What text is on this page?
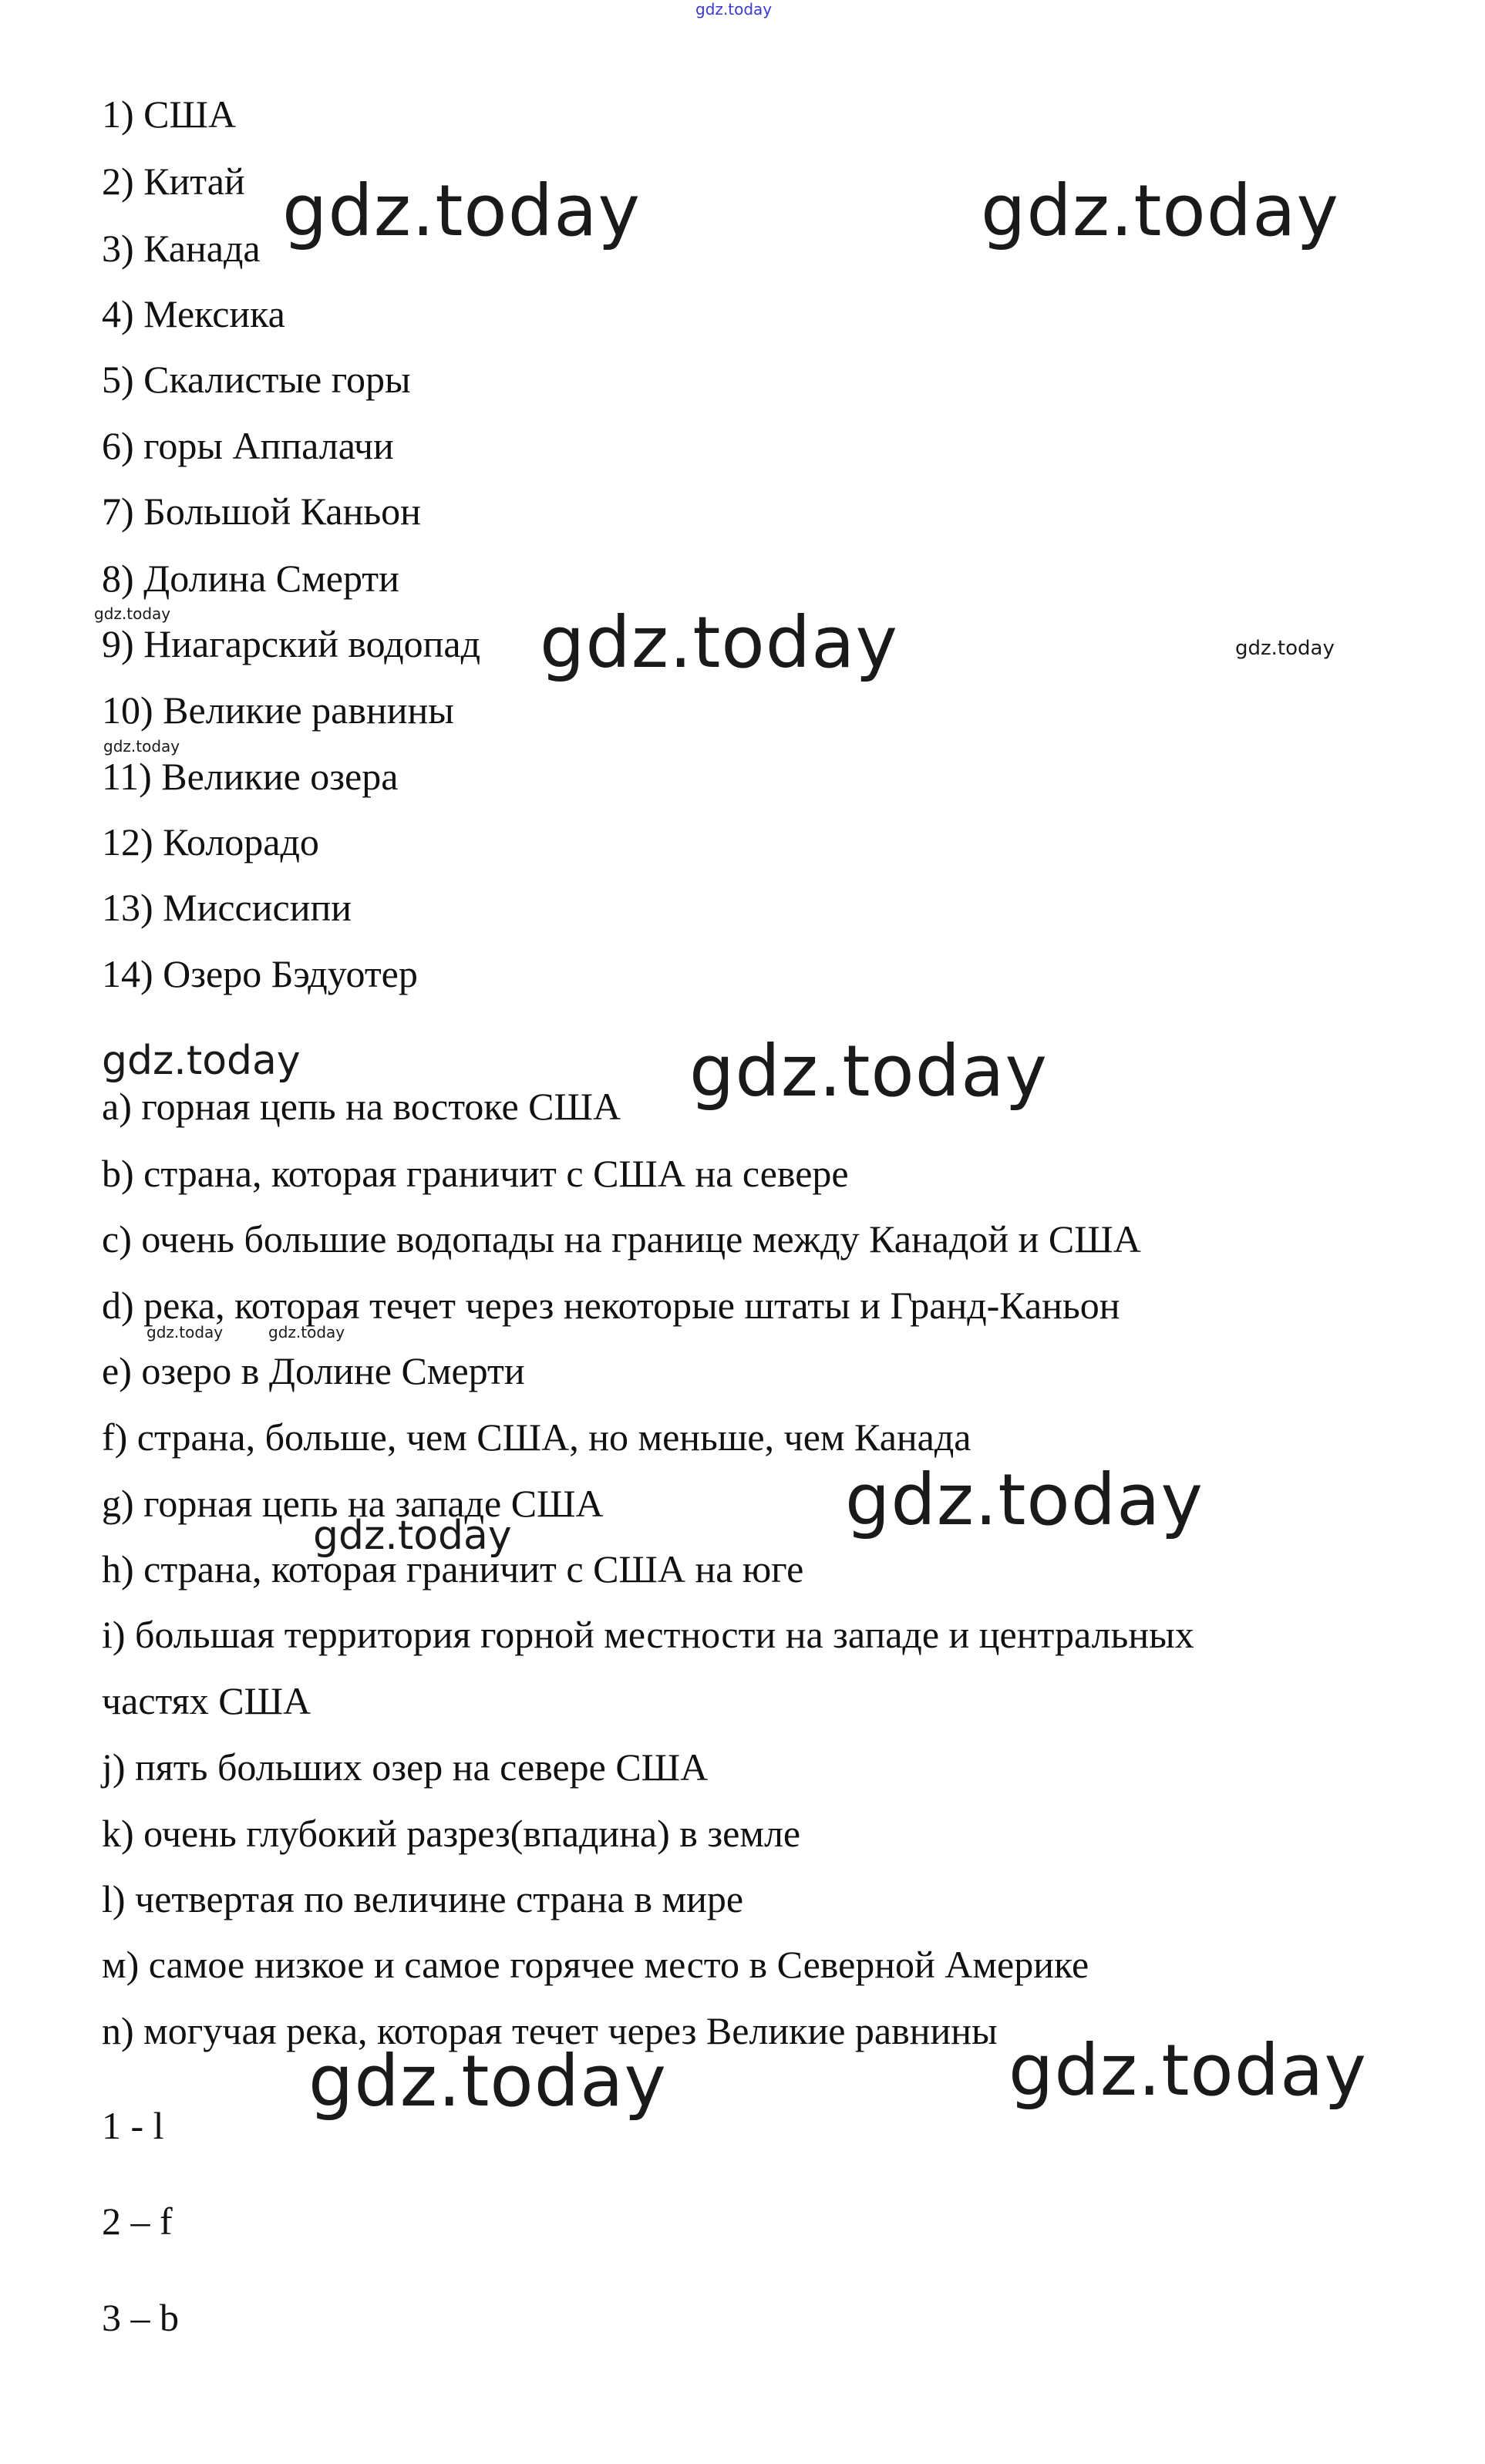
gdz.today
1) США
2) Китай
3) Канада
4) Мексика
5) Скалистые горы
6) горы Аппалачи
7) Большой Каньон
8) Долина Смерти
9) Ниагарский водопад
10) Великие равнины
11) Великие озера
12) Колорадо
13) Миссисипи
14) Озеро Бэдуотер
a) горная цепь на востоке США
b) страна, которая граничит с США на севере
c) очень большие водопады на границе между Канадой и США
d) река, которая течет через некоторые штаты и Гранд-Каньон
e) озеро в Долине Смерти
f) страна, больше, чем США, но меньше, чем Канада
g) горная цепь на западе США
h) страна, которая граничит с США на юге
i) большая территория горной местности на западе и центральных
частях США
j) пять больших озер на севере США
k) очень глубокий разрез(впадина) в земле
l) четвертая по величине страна в мире
м) самое низкое и самое горячее место в Северной Америке
n) могучая река, которая течет через Великие равнины
1 - l
2 – f
3 – b
gdz.today	gdz.today
gdz.today	gdz.today	gdz.today
gdz.today
gdz.today	gdz.today
gdz.today	gdz.today
gdz.today
gdz.today
gdz.today	gdz.today
